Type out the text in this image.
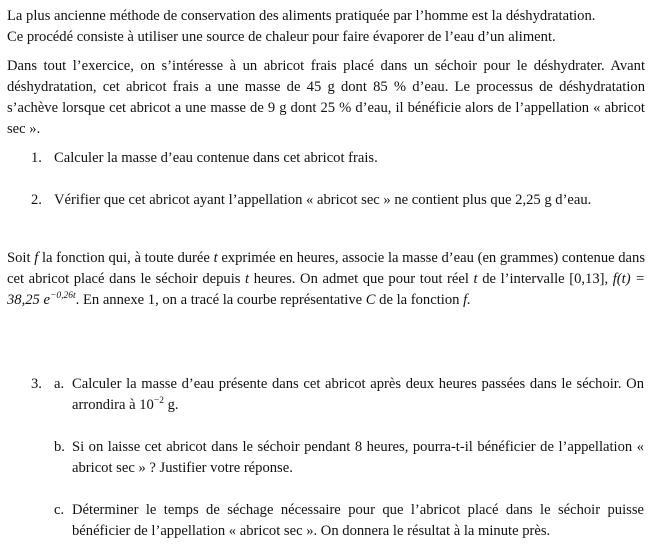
La plus ancienne méthode de conservation des aliments pratiquée par l’homme est la déshydratation.
Ce procédé consiste à utiliser une source de chaleur pour faire évaporer de l’eau d’un aliment.

Dans tout l’exercice, on s’intéresse à un abricot frais placé dans un séchoir pour le déshydrater. Avant déshydratation, cet abricot frais a une masse de 45 g dont 85 % d’eau. Le processus de déshydratation s’achève lorsque cet abricot a une masse de 9 g dont 25 % d’eau, il bénéficie alors de l’appellation « abricot sec ».

1. Calculer la masse d’eau contenue dans cet abricot frais.

2. Vérifier que cet abricot ayant l’appellation « abricot sec » ne contient plus que 2,25 g d’eau.

Soit f la fonction qui, à toute durée t exprimée en heures, associe la masse d’eau (en grammes) contenue dans cet abricot placé dans le séchoir depuis t heures. On admet que pour tout réel t de l’intervalle [0,13], f(t) = 38,25 $e^{-0,26t}$. En annexe 1, on a tracé la courbe représentative C de la fonction f.

3. a. Calculer la masse d’eau présente dans cet abricot après deux heures passées dans le séchoir. On arrondira à $10^{-2}$ g.

b. Si on laisse cet abricot dans le séchoir pendant 8 heures, pourra-t-il bénéficier de l’appellation « abricot sec » ? Justifier votre réponse.

c. Déterminer le temps de séchage nécessaire pour que l’abricot placé dans le séchoir puisse bénéficier de l’appellation « abricot sec ». On donnera le résultat à la minute près.
